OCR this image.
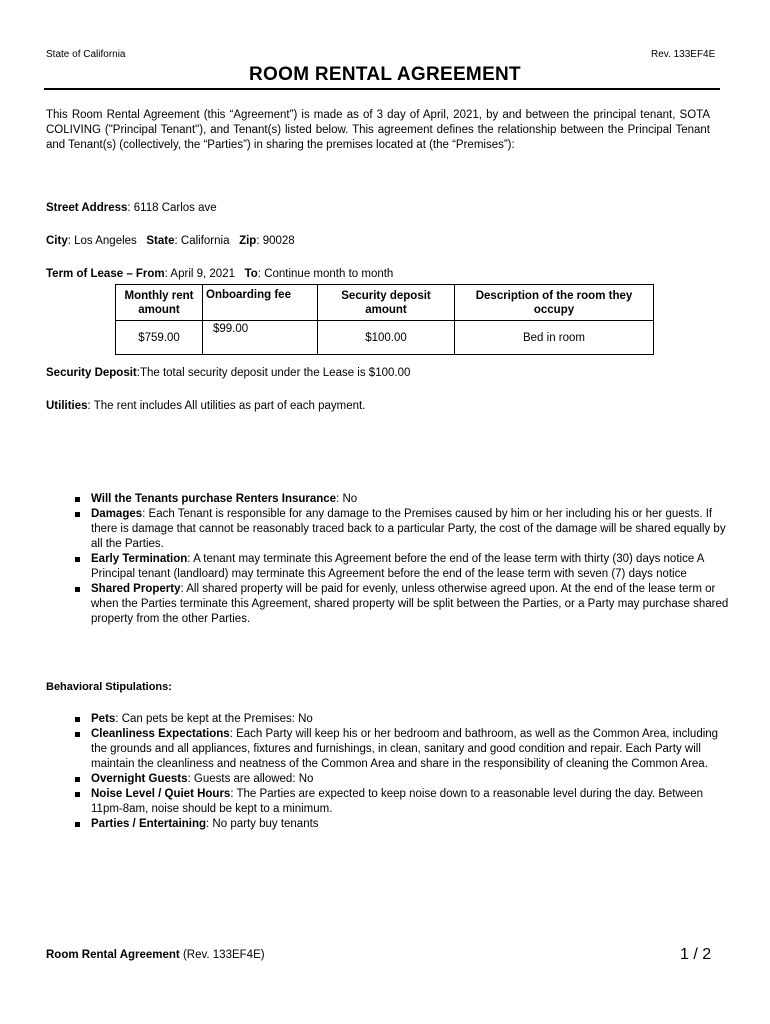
State of California	Rev. 133EF4E
ROOM RENTAL AGREEMENT
This Room Rental Agreement (this “Agreement”) is made as of 3 day of April, 2021, by and between the principal tenant, SOTA COLIVING ("Principal Tenant"), and Tenant(s) listed below. This agreement defines the relationship between the Principal Tenant and Tenant(s) (collectively, the “Parties”) in sharing the premises located at (the “Premises”):
Street Address: 6118 Carlos ave
City: Los Angeles State: California Zip: 90028
Term of Lease – From: April 9, 2021 To: Continue month to month
Monthly rent amount	Onboarding fee	Security deposit amount	Description of the room they occupy
$759.00	$99.00	$100.00	Bed in room
Security Deposit:The total security deposit under the Lease is $100.00
Utilities: The rent includes All utilities as part of each payment.
Will the Tenants purchase Renters Insurance: No
Damages: Each Tenant is responsible for any damage to the Premises caused by him or her including his or her guests. If there is damage that cannot be reasonably traced back to a particular Party, the cost of the damage will be shared equally by all the Parties.
Early Termination: A tenant may terminate this Agreement before the end of the lease term with thirty (30) days notice A Principal tenant (landloard) may terminate this Agreement before the end of the lease term with seven (7) days notice
Shared Property: All shared property will be paid for evenly, unless otherwise agreed upon. At the end of the lease term or when the Parties terminate this Agreement, shared property will be split between the Parties, or a Party may purchase shared property from the other Parties.
Behavioral Stipulations:
Pets: Can pets be kept at the Premises: No
Cleanliness Expectations: Each Party will keep his or her bedroom and bathroom, as well as the Common Area, including the grounds and all appliances, fixtures and furnishings, in clean, sanitary and good condition and repair. Each Party will maintain the cleanliness and neatness of the Common Area and share in the responsibility of cleaning the Common Area.
Overnight Guests: Guests are allowed: No
Noise Level / Quiet Hours: The Parties are expected to keep noise down to a reasonable level during the day. Between 11pm-8am, noise should be kept to a minimum.
Parties / Entertaining: No party buy tenants
Room Rental Agreement (Rev. 133EF4E)	1 / 2
